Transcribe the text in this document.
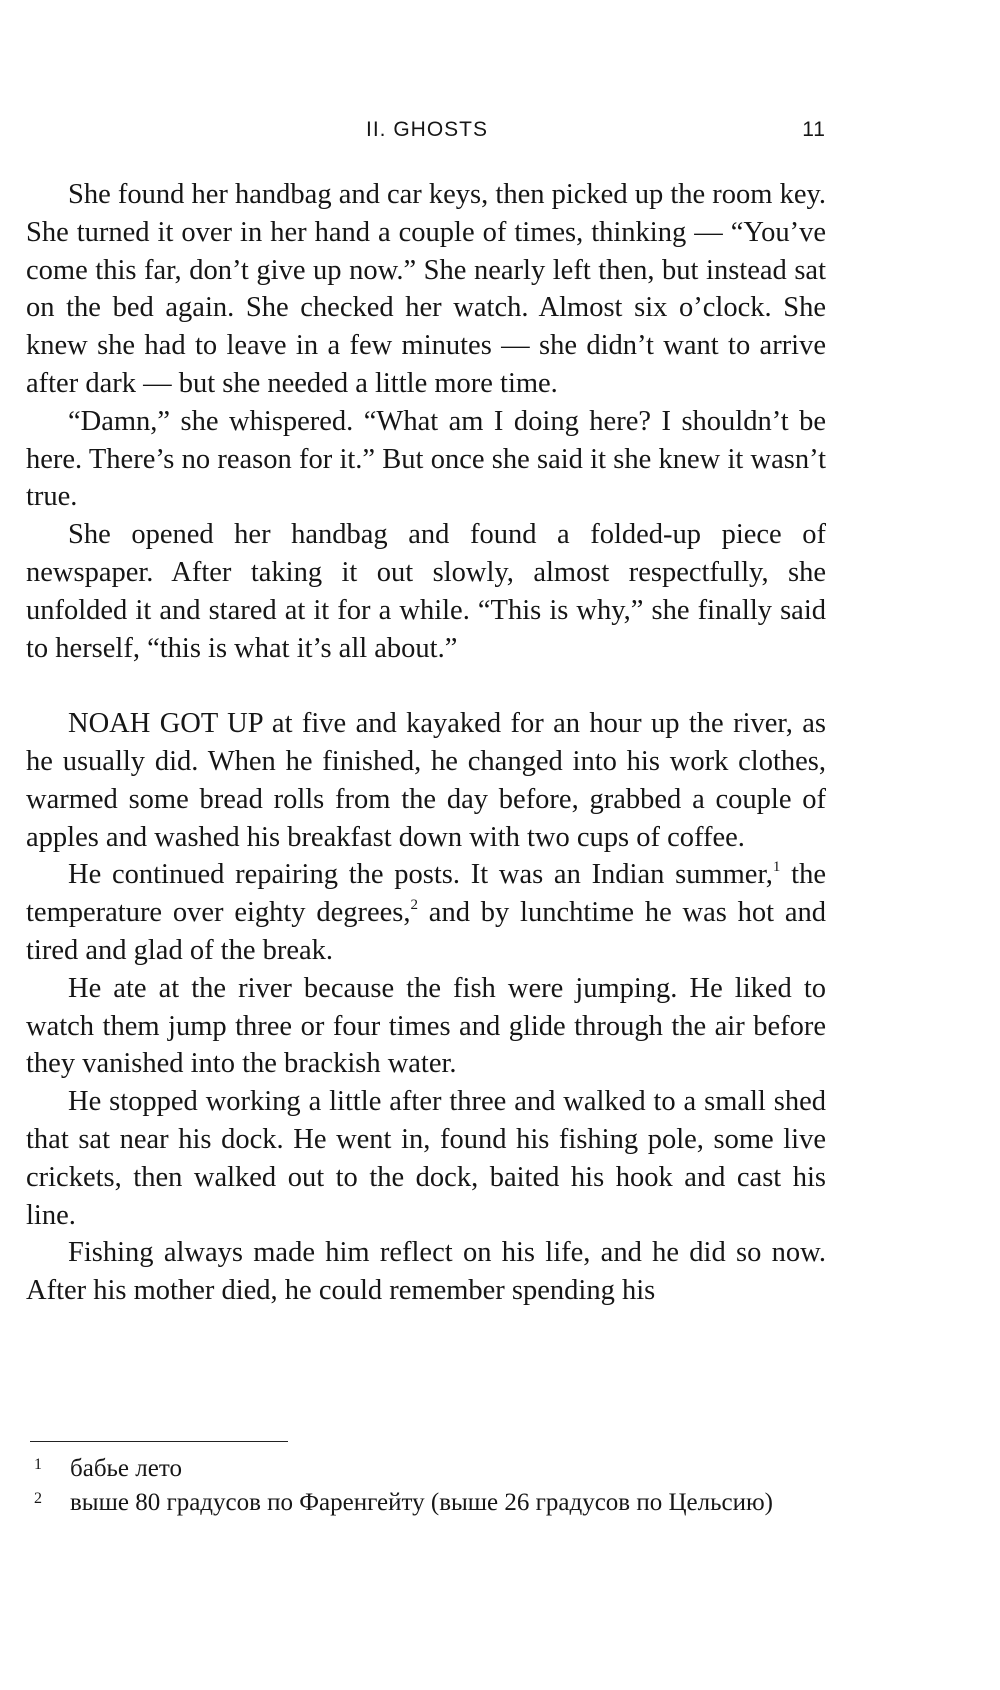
II. GHOSTS	11

She found her handbag and car keys, then picked up the room key. She turned it over in her hand a couple of times, thinking — “You’ve come this far, don’t give up now.” She nearly left then, but instead sat on the bed again. She checked her watch. Almost six o’clock. She knew she had to leave in a few minutes — she didn’t want to arrive after dark — but she needed a little more time.

“Damn,” she whispered. “What am I doing here? I shouldn’t be here. There’s no reason for it.” But once she said it she knew it wasn’t true.

She opened her handbag and found a folded-up piece of newspaper. After taking it out slowly, almost respectfully, she unfolded it and stared at it for a while. “This is why,” she finally said to herself, “this is what it’s all about.”

NOAH GOT UP at five and kayaked for an hour up the river, as he usually did. When he finished, he changed into his work clothes, warmed some bread rolls from the day before, grabbed a couple of apples and washed his breakfast down with two cups of coffee.

He continued repairing the posts. It was an Indian summer,$^1$ the temperature over eighty degrees,$^2$ and by lunchtime he was hot and tired and glad of the break.

He ate at the river because the fish were jumping. He liked to watch them jump three or four times and glide through the air before they vanished into the brackish water.

He stopped working a little after three and walked to a small shed that sat near his dock. He went in, found his fishing pole, some live crickets, then walked out to the dock, baited his hook and cast his line.

Fishing always made him reflect on his life, and he did so now. After his mother died, he could remember spending his

1 бабье лето
2 выше 80 градусов по Фаренгейту (выше 26 градусов по Цельсию)
